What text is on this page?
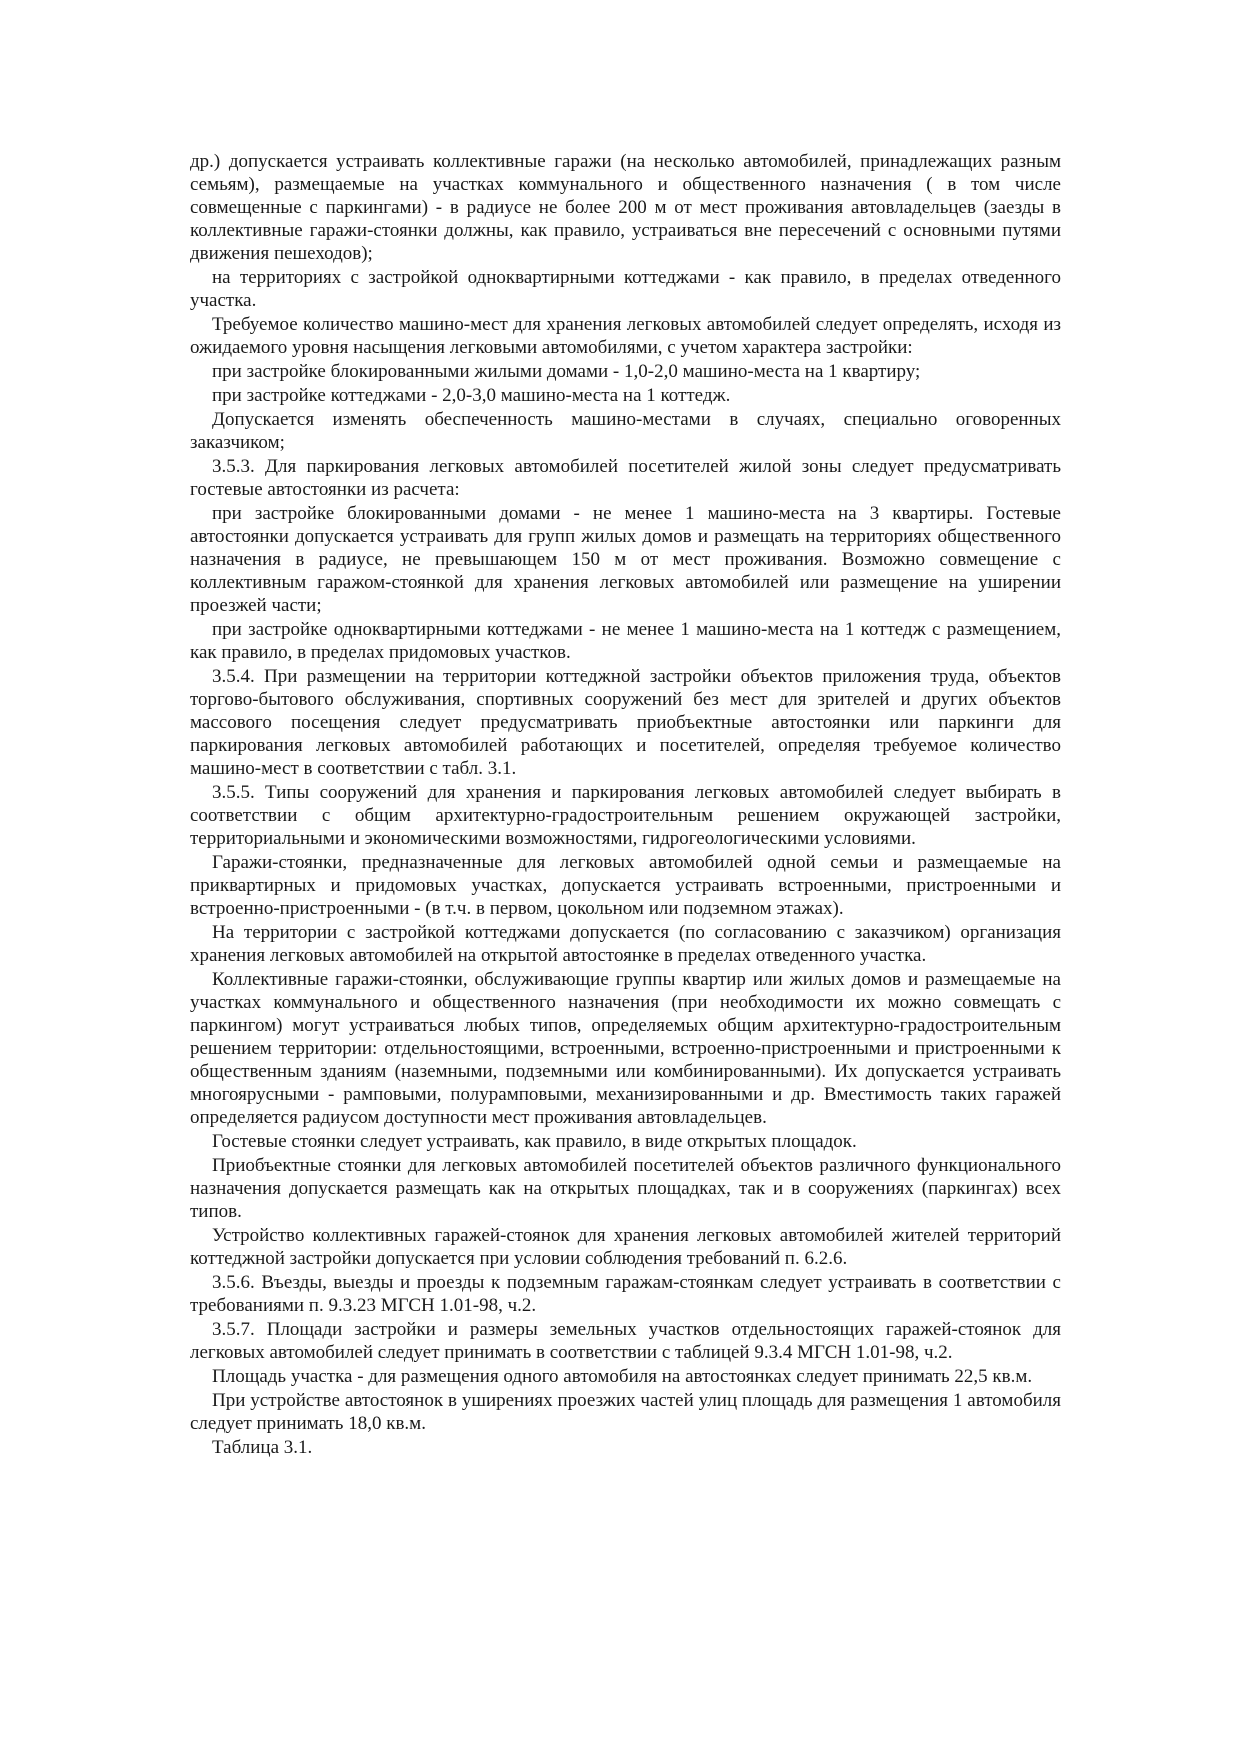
др.) допускается устраивать коллективные гаражи (на несколько автомобилей, принадлежащих разным семьям), размещаемые на участках коммунального и общественного назначения ( в том числе совмещенные с паркингами) - в радиусе не более 200 м от мест проживания автовладельцев (заезды в коллективные гаражи-стоянки должны, как правило, устраиваться вне пересечений с основными путями движения пешеходов);

на территориях с застройкой одноквартирными коттеджами - как правило, в пределах отведенного участка.

Требуемое количество машино-мест для хранения легковых автомобилей следует определять, исходя из ожидаемого уровня насыщения легковыми автомобилями, с учетом характера застройки:

при застройке блокированными жилыми домами - 1,0-2,0 машино-места на 1 квартиру;

при застройке коттеджами - 2,0-3,0 машино-места на 1 коттедж.

Допускается изменять обеспеченность машино-местами в случаях, специально оговоренных заказчиком;

3.5.3. Для паркирования легковых автомобилей посетителей жилой зоны следует предусматривать гостевые автостоянки из расчета:

при застройке блокированными домами - не менее 1 машино-места на 3 квартиры. Гостевые автостоянки допускается устраивать для групп жилых домов и размещать на территориях общественного назначения в радиусе, не превышающем 150 м от мест проживания. Возможно совмещение с коллективным гаражом-стоянкой для хранения легковых автомобилей или размещение на уширении проезжей части;

при застройке одноквартирными коттеджами - не менее 1 машино-места на 1 коттедж с размещением, как правило, в пределах придомовых участков.

3.5.4. При размещении на территории коттеджной застройки объектов приложения труда, объектов торгово-бытового обслуживания, спортивных сооружений без мест для зрителей и других объектов массового посещения следует предусматривать приобъектные автостоянки или паркинги для паркирования легковых автомобилей работающих и посетителей, определяя требуемое количество машино-мест в соответствии с табл. 3.1.

3.5.5. Типы сооружений для хранения и паркирования легковых автомобилей следует выбирать в соответствии с общим архитектурно-градостроительным решением окружающей застройки, территориальными и экономическими возможностями, гидрогеологическими условиями.

Гаражи-стоянки, предназначенные для легковых автомобилей одной семьи и размещаемые на приквартирных и придомовых участках, допускается устраивать встроенными, пристроенными и встроенно-пристроенными - (в т.ч. в первом, цокольном или подземном этажах).

На территории с застройкой коттеджами допускается (по согласованию с заказчиком) организация хранения легковых автомобилей на открытой автостоянке в пределах отведенного участка.

Коллективные гаражи-стоянки, обслуживающие группы квартир или жилых домов и размещаемые на участках коммунального и общественного назначения (при необходимости их можно совмещать с паркингом) могут устраиваться любых типов, определяемых общим архитектурно-градостроительным решением территории: отдельностоящими, встроенными, встроенно-пристроенными и пристроенными к общественным зданиям (наземными, подземными или комбинированными). Их допускается устраивать многоярусными - рамповыми, полурамповыми, механизированными и др. Вместимость таких гаражей определяется радиусом доступности мест проживания автовладельцев.

Гостевые стоянки следует устраивать, как правило, в виде открытых площадок.

Приобъектные стоянки для легковых автомобилей посетителей объектов различного функционального назначения допускается размещать как на открытых площадках, так и в сооружениях (паркингах) всех типов.

Устройство коллективных гаражей-стоянок для хранения легковых автомобилей жителей территорий коттеджной застройки допускается при условии соблюдения требований п. 6.2.6.

3.5.6. Въезды, выезды и проезды к подземным гаражам-стоянкам следует устраивать в соответствии с требованиями п. 9.3.23 МГСН 1.01-98, ч.2.

3.5.7. Площади застройки и размеры земельных участков отдельностоящих гаражей-стоянок для легковых автомобилей следует принимать в соответствии с таблицей 9.3.4 МГСН 1.01-98, ч.2.

Площадь участка - для размещения одного автомобиля на автостоянках следует принимать 22,5 кв.м.

При устройстве автостоянок в уширениях проезжих частей улиц площадь для размещения 1 автомобиля следует принимать 18,0 кв.м.

Таблица 3.1.
